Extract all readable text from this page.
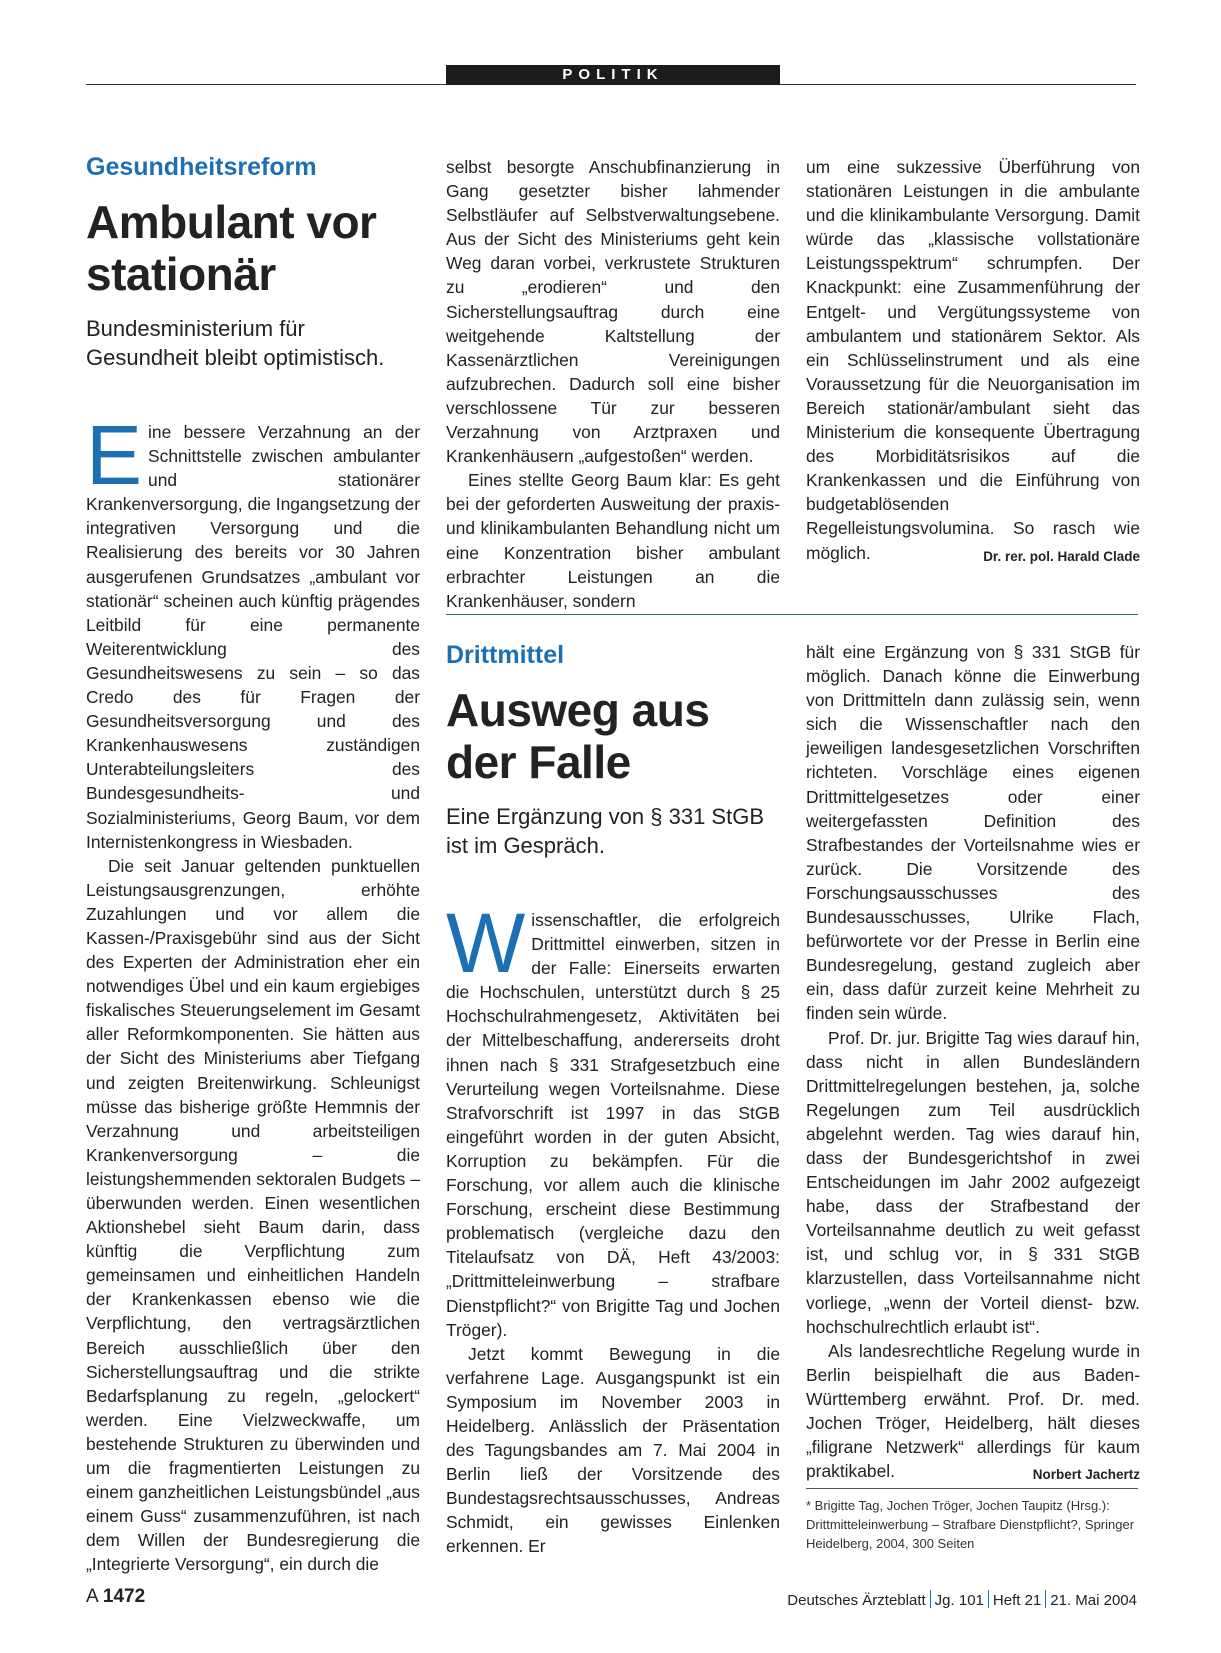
POLITIK
Gesundheitsreform
Ambulant vor stationär

Bundesministerium für Gesundheit bleibt optimistisch.

Eine bessere Verzahnung an der Schnittstelle zwischen ambulanter und stationärer Krankenversorgung, die Ingangsetzung der integrativen Versorgung und die Realisierung des bereits vor 30 Jahren ausgerufenen Grundsatzes „ambulant vor stationär“ scheinen auch künftig prägendes Leitbild für eine permanente Weiterentwicklung des Gesundheitswesens zu sein – so das Credo des für Fragen der Gesundheitsversorgung und des Krankenhauswesens zuständigen Unterabteilungsleiters des Bundesgesundheits- und Sozialministeriums, Georg Baum, vor dem Internistenkongress in Wiesbaden.

Die seit Januar geltenden punktuellen Leistungsausgrenzungen, erhöhte Zuzahlungen und vor allem die Kassen-/Praxisgebühr sind aus der Sicht des Experten der Administration eher ein notwendiges Übel und ein kaum ergiebiges fiskalisches Steuerungselement im Gesamt aller Reformkomponenten. Sie hätten aus der Sicht des Ministeriums aber Tiefgang und zeigten Breitenwirkung. Schleunigst müsse das bisherige größte Hemmnis der Verzahnung und arbeitsteiligen Krankenversorgung – die leistungshemmenden sektoralen Budgets – überwunden werden. Einen wesentlichen Aktionshebel sieht Baum darin, dass künftig die Verpflichtung zum gemeinsamen und einheitlichen Handeln der Krankenkassen ebenso wie die Verpflichtung, den vertragsärztlichen Bereich ausschließlich über den Sicherstellungsauftrag und die strikte Bedarfsplanung zu regeln, „gelockert“ werden. Eine Vielzweckwaffe, um bestehende Strukturen zu überwinden und um die fragmentierten Leistungen zu einem ganzheitlichen Leistungsbündel „aus einem Guss“ zusammenzuführen, ist nach dem Willen der Bundesregierung die „Integrierte Versorgung“, ein durch die

selbst besorgte Anschubfinanzierung in Gang gesetzter bisher lahmender Selbstläufer auf Selbstverwaltungsebene. Aus der Sicht des Ministeriums geht kein Weg daran vorbei, verkrustete Strukturen zu „erodieren“ und den Sicherstellungsauftrag durch eine weitgehende Kaltstellung der Kassenärztlichen Vereinigungen aufzubrechen. Dadurch soll eine bisher verschlossene Tür zur besseren Verzahnung von Arztpraxen und Krankenhäusern „aufgestoßen“ werden.

Eines stellte Georg Baum klar: Es geht bei der geforderten Ausweitung der praxis- und klinikambulanten Behandlung nicht um eine Konzentration bisher ambulant erbrachter Leistungen an die Krankenhäuser, sondern

um eine sukzessive Überführung von stationären Leistungen in die ambulante und die klinikambulante Versorgung. Damit würde das „klassische vollstationäre Leistungsspektrum“ schrumpfen. Der Knackpunkt: eine Zusammenführung der Entgelt- und Vergütungssysteme von ambulantem und stationärem Sektor. Als ein Schlüsselinstrument und als eine Voraussetzung für die Neuorganisation im Bereich stationär/ambulant sieht das Ministerium die konsequente Übertragung des Morbiditätsrisikos auf die Krankenkassen und die Einführung von budgetablösenden Regelleistungsvolumina. So rasch wie möglich.	Dr. rer. pol. Harald Clade

Drittmittel
Ausweg aus der Falle

Eine Ergänzung von § 331 StGB ist im Gespräch.

Wissenschaftler, die erfolgreich Drittmittel einwerben, sitzen in der Falle: Einerseits erwarten die Hochschulen, unterstützt durch § 25 Hochschulrahmengesetz, Aktivitäten bei der Mittelbeschaffung, andererseits droht ihnen nach § 331 Strafgesetzbuch eine Verurteilung wegen Vorteilsnahme. Diese Strafvorschrift ist 1997 in das StGB eingeführt worden in der guten Absicht, Korruption zu bekämpfen. Für die Forschung, vor allem auch die klinische Forschung, erscheint diese Bestimmung problematisch (vergleiche dazu den Titelaufsatz von DÄ, Heft 43/2003: „Drittmitteleinwerbung – strafbare Dienstpflicht?“ von Brigitte Tag und Jochen Tröger).

Jetzt kommt Bewegung in die verfahrene Lage. Ausgangspunkt ist ein Symposium im November 2003 in Heidelberg. Anlässlich der Präsentation des Tagungsbandes am 7. Mai 2004 in Berlin ließ der Vorsitzende des Bundestagsrechtsausschusses, Andreas Schmidt, ein gewisses Einlenken erkennen. Er

hält eine Ergänzung von § 331 StGB für möglich. Danach könne die Einwerbung von Drittmitteln dann zulässig sein, wenn sich die Wissenschaftler nach den jeweiligen landesgesetzlichen Vorschriften richteten. Vorschläge eines eigenen Drittmittelgesetzes oder einer weitergefassten Definition des Strafbestandes der Vorteilsnahme wies er zurück. Die Vorsitzende des Forschungsausschusses des Bundesausschusses, Ulrike Flach, befürwortete vor der Presse in Berlin eine Bundesregelung, gestand zugleich aber ein, dass dafür zurzeit keine Mehrheit zu finden sein würde.

Prof. Dr. jur. Brigitte Tag wies darauf hin, dass nicht in allen Bundesländern Drittmittelregelungen bestehen, ja, solche Regelungen zum Teil ausdrücklich abgelehnt werden. Tag wies darauf hin, dass der Bundesgerichtshof in zwei Entscheidungen im Jahr 2002 aufgezeigt habe, dass der Strafbestand der Vorteilsannahme deutlich zu weit gefasst ist, und schlug vor, in § 331 StGB klarzustellen, dass Vorteilsannahme nicht vorliege, „wenn der Vorteil dienst- bzw. hochschulrechtlich erlaubt ist“.

Als landesrechtliche Regelung wurde in Berlin beispielhaft die aus Baden-Württemberg erwähnt. Prof. Dr. med. Jochen Tröger, Heidelberg, hält dieses „filigrane Netzwerk“ allerdings für kaum praktikabel.	Norbert Jachertz

* Brigitte Tag, Jochen Tröger, Jochen Taupitz (Hrsg.): Drittmitteleinwerbung – Strafbare Dienstpflicht?, Springer Heidelberg, 2004, 300 Seiten
A 1472	Deutsches Ärzteblatt Jg. 101 Heft 21 21. Mai 2004
